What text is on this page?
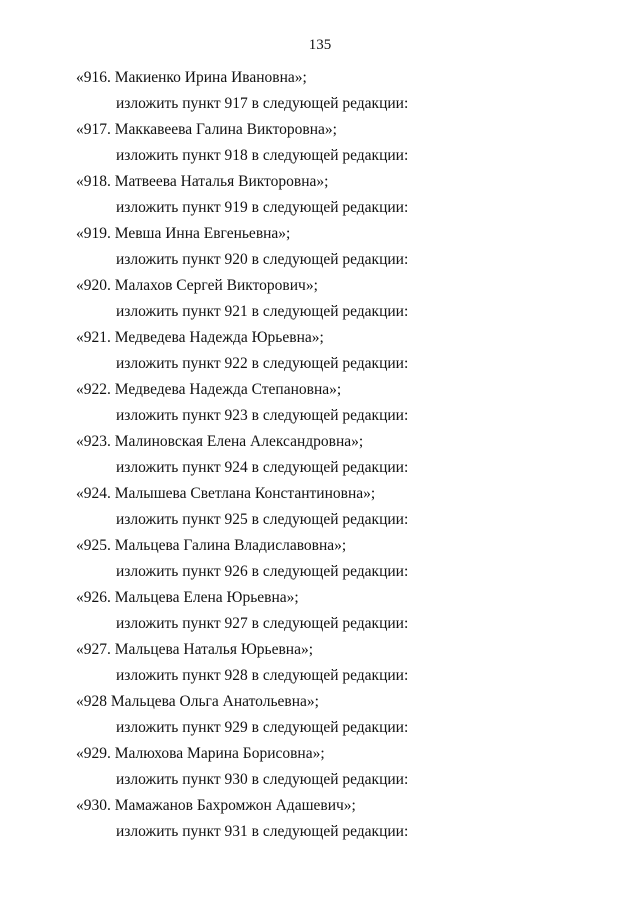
135
«916. Макиенко Ирина Ивановна»;
изложить пункт 917 в следующей редакции:
«917. Маккавеева Галина Викторовна»;
изложить пункт 918 в следующей редакции:
«918. Матвеева Наталья Викторовна»;
изложить пункт 919 в следующей редакции:
«919. Мевша Инна Евгеньевна»;
изложить пункт 920 в следующей редакции:
«920. Малахов Сергей Викторович»;
изложить пункт 921 в следующей редакции:
«921. Медведева Надежда Юрьевна»;
изложить пункт 922 в следующей редакции:
«922. Медведева Надежда Степановна»;
изложить пункт 923 в следующей редакции:
«923. Малиновская Елена Александровна»;
изложить пункт 924 в следующей редакции:
«924. Малышева Светлана Константиновна»;
изложить пункт 925 в следующей редакции:
«925. Мальцева Галина Владиславовна»;
изложить пункт 926 в следующей редакции:
«926. Мальцева Елена Юрьевна»;
изложить пункт 927 в следующей редакции:
«927. Мальцева Наталья Юрьевна»;
изложить пункт 928 в следующей редакции:
«928 Мальцева Ольга Анатольевна»;
изложить пункт 929 в следующей редакции:
«929. Малюхова Марина Борисовна»;
изложить пункт 930 в следующей редакции:
«930. Мамажанов Бахромжон Адашевич»;
изложить пункт 931 в следующей редакции:
